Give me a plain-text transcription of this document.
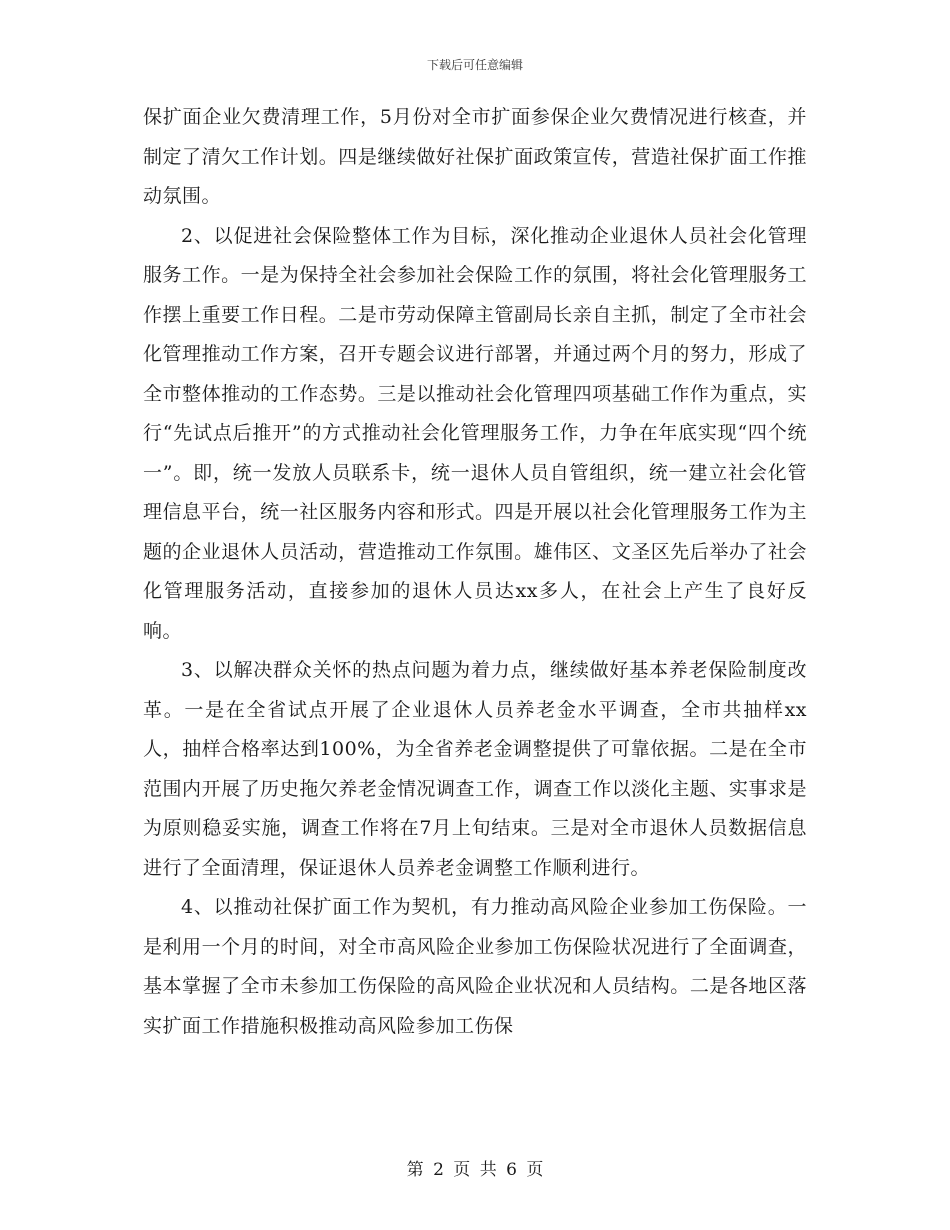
下载后可任意编辑

保扩面企业欠费清理工作，5月份对全市扩面参保企业欠费情况进行核查，并制定了清欠工作计划。四是继续做好社保扩面政策宣传，营造社保扩面工作推动氛围。

2、以促进社会保险整体工作为目标，深化推动企业退休人员社会化管理服务工作。一是为保持全社会参加社会保险工作的氛围，将社会化管理服务工作摆上重要工作日程。二是市劳动保障主管副局长亲自主抓，制定了全市社会化管理推动工作方案，召开专题会议进行部署，并通过两个月的努力，形成了全市整体推动的工作态势。三是以推动社会化管理四项基础工作作为重点，实行“先试点后推开”的方式推动社会化管理服务工作，力争在年底实现“四个统一”。即，统一发放人员联系卡，统一退休人员自管组织，统一建立社会化管理信息平台，统一社区服务内容和形式。四是开展以社会化管理服务工作为主题的企业退休人员活动，营造推动工作氛围。雄伟区、文圣区先后举办了社会化管理服务活动，直接参加的退休人员达xx多人，在社会上产生了良好反响。

3、以解决群众关怀的热点问题为着力点，继续做好基本养老保险制度改革。一是在全省试点开展了企业退休人员养老金水平调查，全市共抽样xx人，抽样合格率达到100%，为全省养老金调整提供了可靠依据。二是在全市范围内开展了历史拖欠养老金情况调查工作，调查工作以淡化主题、实事求是为原则稳妥实施，调查工作将在7月上旬结束。三是对全市退休人员数据信息进行了全面清理，保证退休人员养老金调整工作顺利进行。

4、以推动社保扩面工作为契机，有力推动高风险企业参加工伤保险。一是利用一个月的时间，对全市高风险企业参加工伤保险状况进行了全面调查，基本掌握了全市未参加工伤保险的高风险企业状况和人员结构。二是各地区落实扩面工作措施积极推动高风险参加工伤保

第 2 页 共 6 页
